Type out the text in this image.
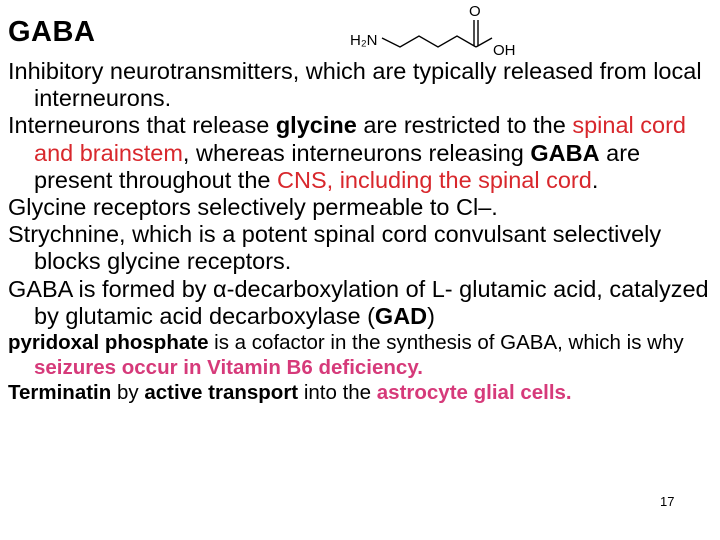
GABA	H₂N
O
OH

Inhibitory neurotransmitters, which are typically released from local interneurons.

Interneurons that release glycine are restricted to the spinal cord and brainstem, whereas interneurons releasing GABA are present throughout the CNS, including the spinal cord.

Glycine receptors selectively permeable to Cl–.

Strychnine, which is a potent spinal cord convulsant selectively blocks glycine receptors.

GABA is formed by α-decarboxylation of L- glutamic acid, catalyzed by glutamic acid decarboxylase (GAD)

pyridoxal phosphate is a cofactor in the synthesis of GABA, which is why seizures occur in Vitamin B6 deficiency.

Terminatin by active transport into the astrocyte glial cells.

17
